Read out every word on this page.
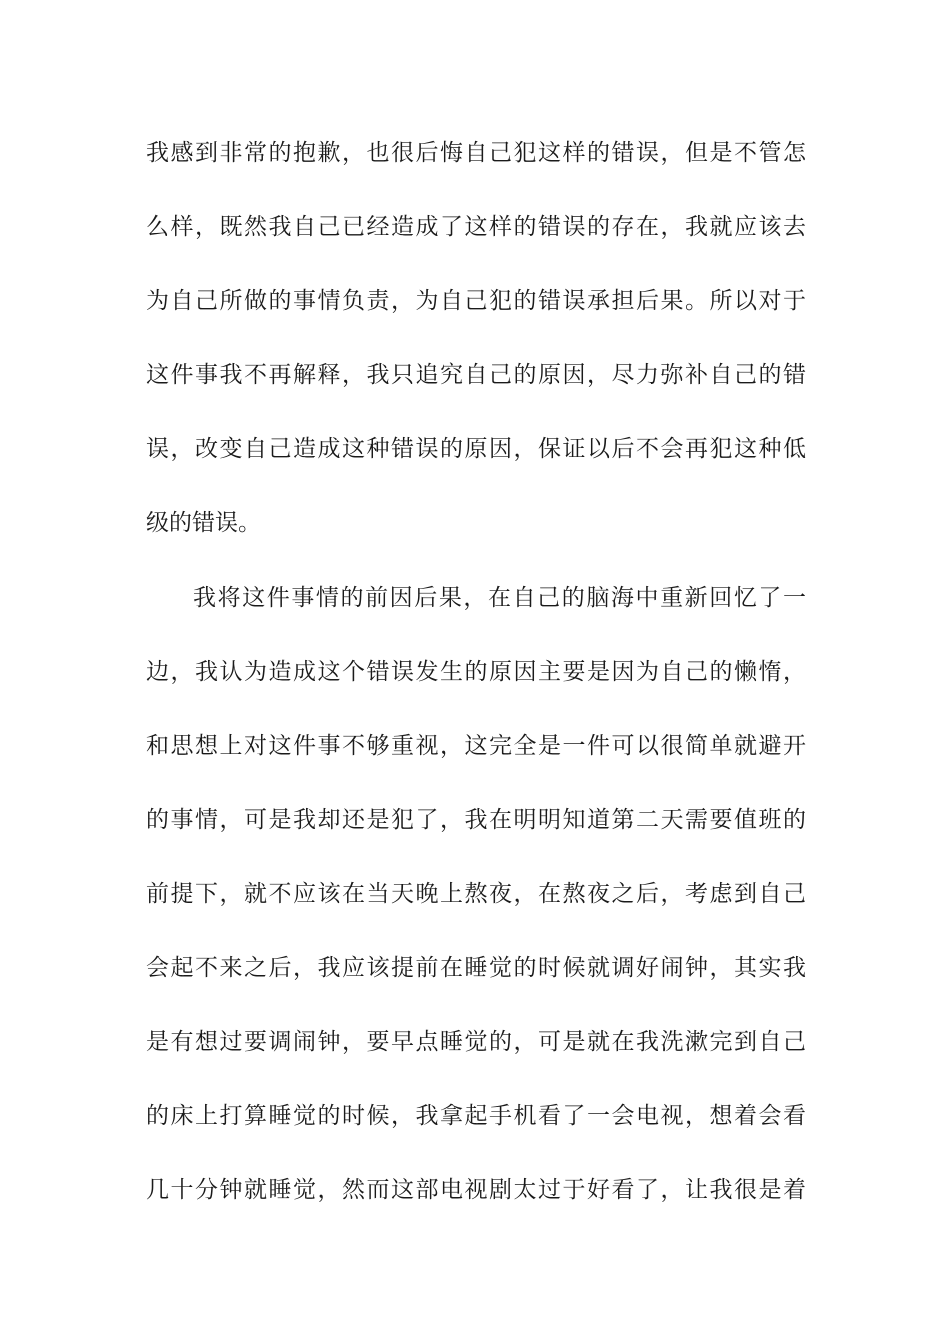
我感到非常的抱歉，也很后悔自己犯这样的错误，但是不管怎
么样，既然我自己已经造成了这样的错误的存在，我就应该去
为自己所做的事情负责，为自己犯的错误承担后果。所以对于
这件事我不再解释，我只追究自己的原因，尽力弥补自己的错
误，改变自己造成这种错误的原因，保证以后不会再犯这种低
级的错误。
我将这件事情的前因后果，在自己的脑海中重新回忆了一
边，我认为造成这个错误发生的原因主要是因为自己的懒惰，
和思想上对这件事不够重视，这完全是一件可以很简单就避开
的事情，可是我却还是犯了，我在明明知道第二天需要值班的
前提下，就不应该在当天晚上熬夜，在熬夜之后，考虑到自己
会起不来之后，我应该提前在睡觉的时候就调好闹钟，其实我
是有想过要调闹钟，要早点睡觉的，可是就在我洗漱完到自己
的床上打算睡觉的时候，我拿起手机看了一会电视，想着会看
几十分钟就睡觉，然而这部电视剧太过于好看了，让我很是着
